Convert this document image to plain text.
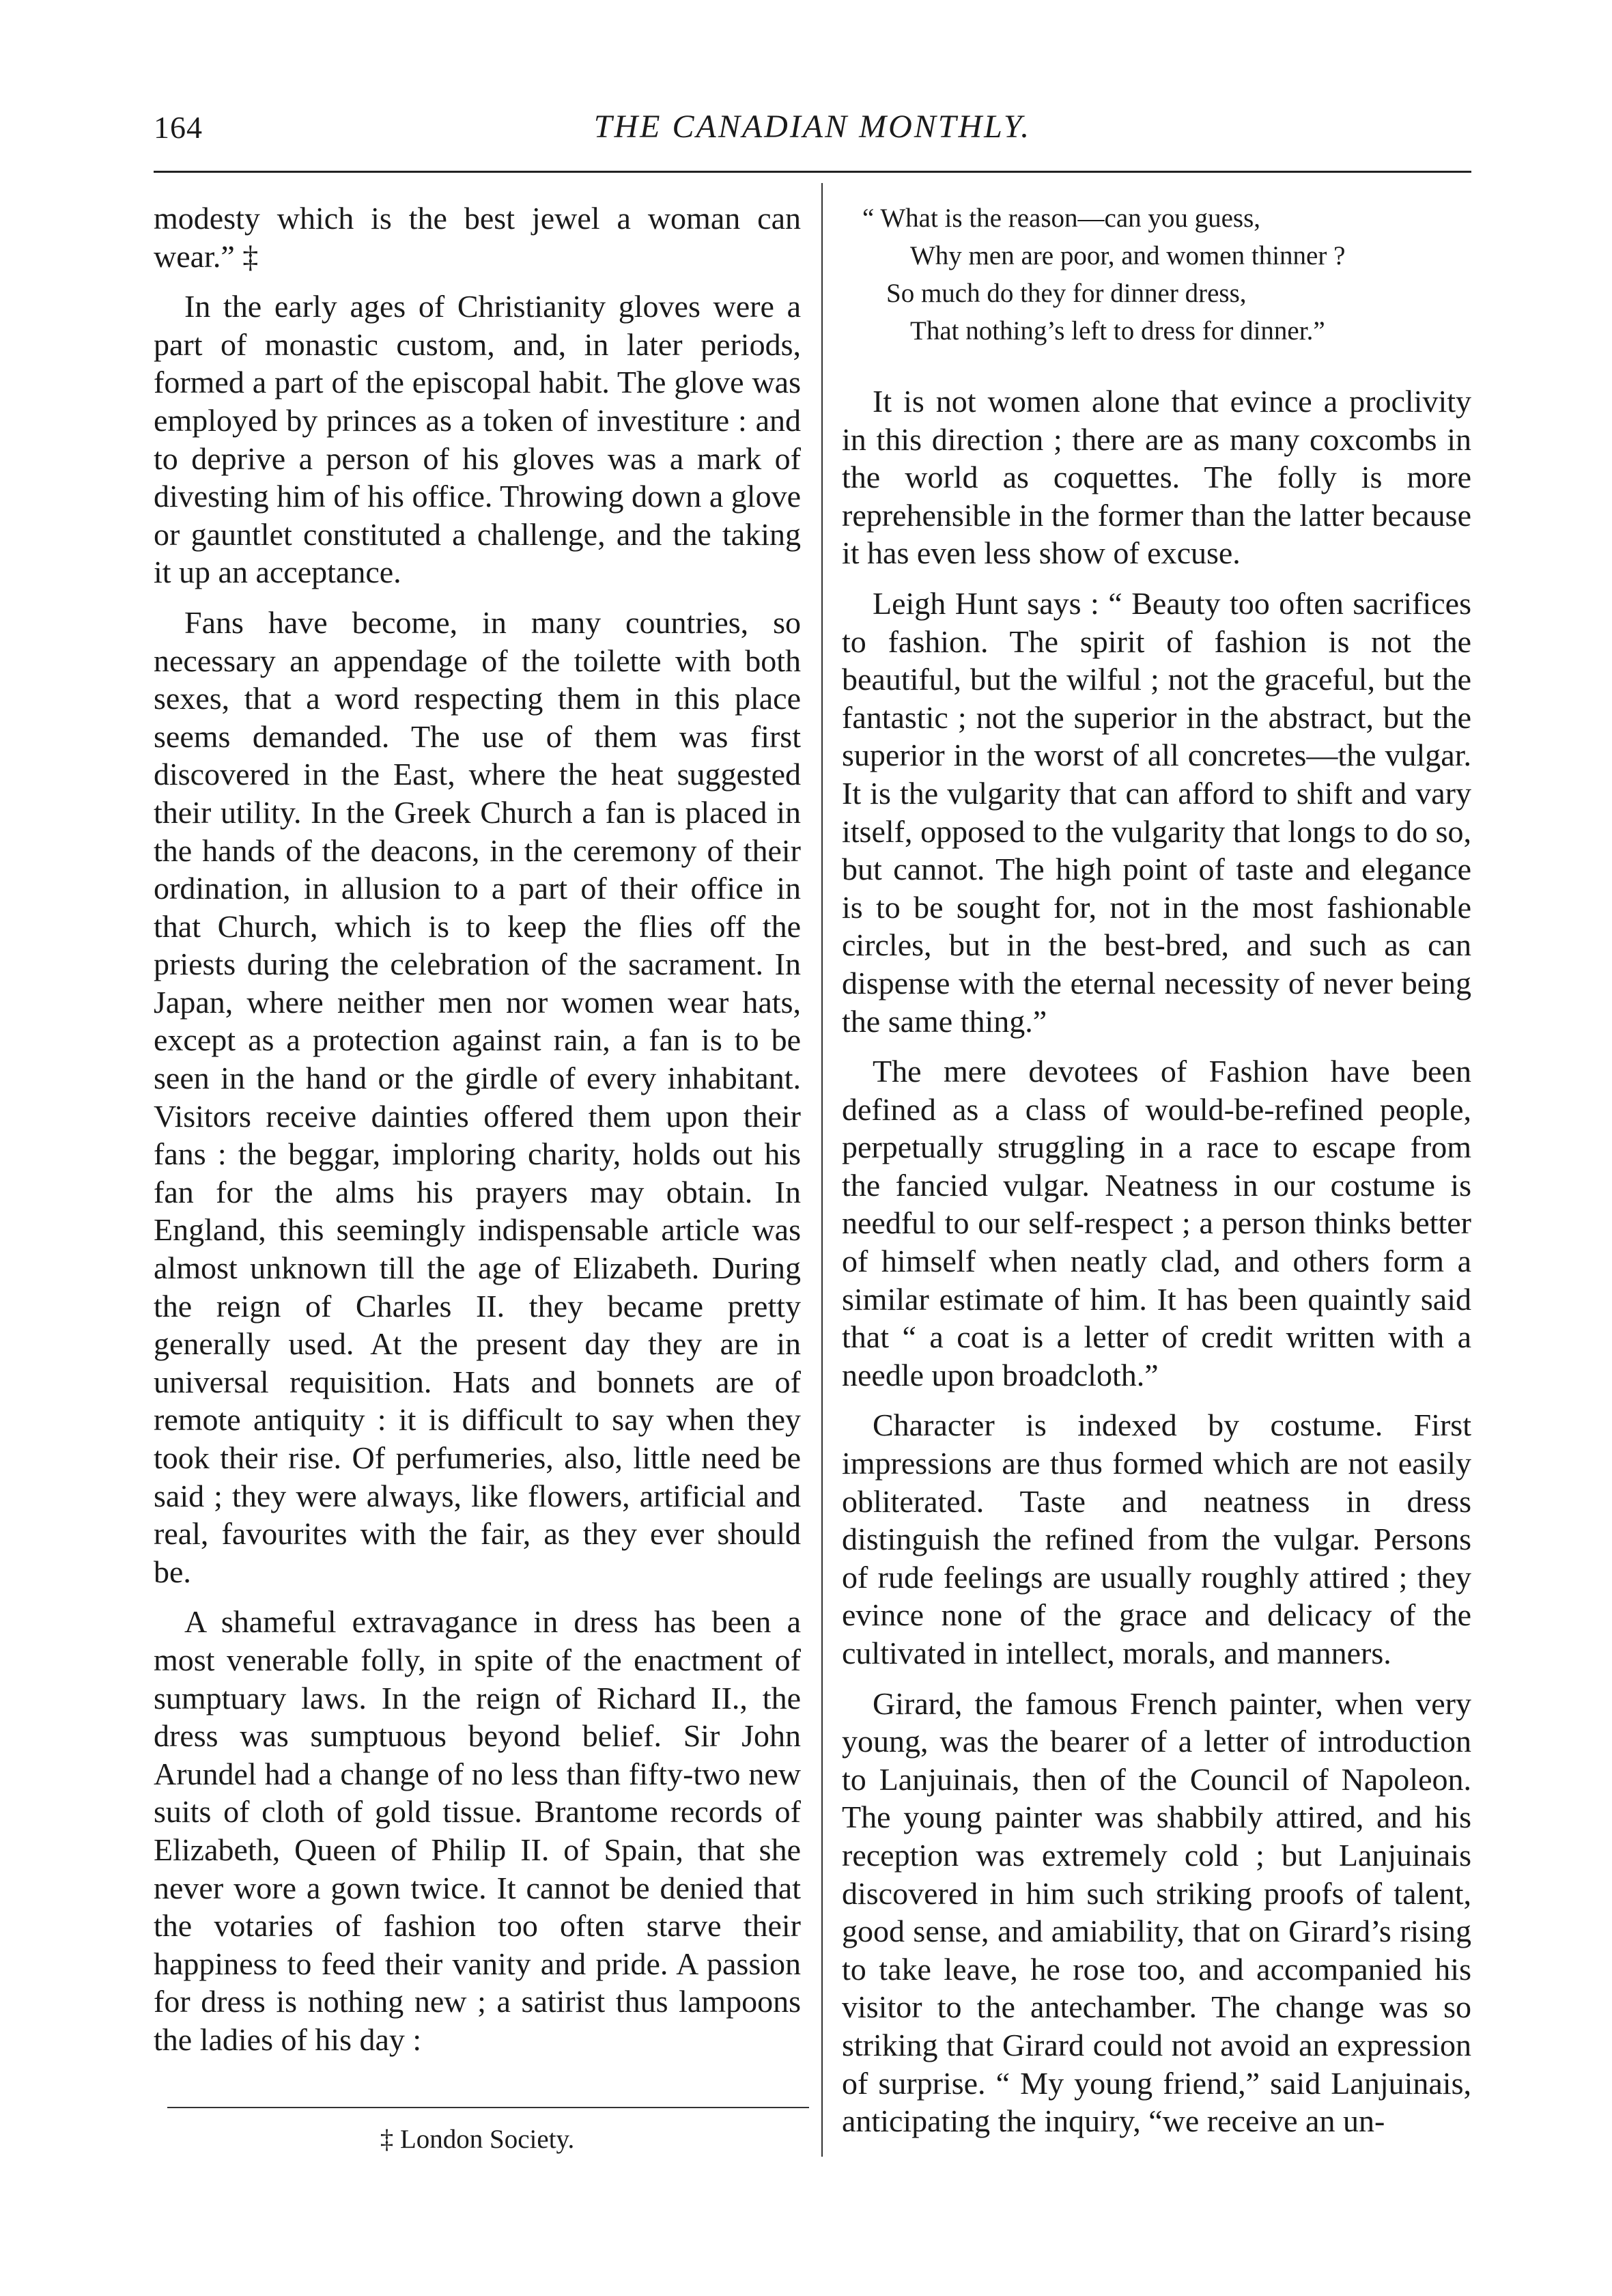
164	THE CANADIAN MONTHLY.

modesty which is the best jewel a woman can wear.” ‡

In the early ages of Christianity gloves were a part of monastic custom, and, in later periods, formed a part of the episcopal habit. The glove was employed by princes as a token of investiture : and to deprive a person of his gloves was a mark of divesting him of his office. Throwing down a glove or gauntlet constituted a challenge, and the taking it up an acceptance.

Fans have become, in many countries, so necessary an appendage of the toilette with both sexes, that a word respecting them in this place seems demanded. The use of them was first discovered in the East, where the heat suggested their utility. In the Greek Church a fan is placed in the hands of the deacons, in the ceremony of their ordination, in allusion to a part of their office in that Church, which is to keep the flies off the priests during the celebration of the sacrament. In Japan, where neither men nor women wear hats, except as a protection against rain, a fan is to be seen in the hand or the girdle of every inhabitant. Visitors receive dainties offered them upon their fans : the beggar, imploring charity, holds out his fan for the alms his prayers may obtain. In England, this seemingly indispensable article was almost unknown till the age of Elizabeth. During the reign of Charles II. they became pretty generally used. At the present day they are in universal requisition. Hats and bonnets are of remote antiquity : it is difficult to say when they took their rise. Of perfumeries, also, little need be said ; they were always, like flowers, artificial and real, favourites with the fair, as they ever should be.

A shameful extravagance in dress has been a most venerable folly, in spite of the enactment of sumptuary laws. In the reign of Richard II., the dress was sumptuous beyond belief. Sir John Arundel had a change of no less than fifty-two new suits of cloth of gold tissue. Brantome records of Elizabeth, Queen of Philip II. of Spain, that she never wore a gown twice. It cannot be denied that the votaries of fashion too often starve their happiness to feed their vanity and pride. A passion for dress is nothing new ; a satirist thus lampoons the ladies of his day :

“ What is the reason—can you guess,
Why men are poor, and women thinner ?
So much do they for dinner dress,
That nothing’s left to dress for dinner.”

It is not women alone that evince a proclivity in this direction ; there are as many coxcombs in the world as coquettes. The folly is more reprehensible in the former than the latter because it has even less show of excuse.

Leigh Hunt says : “ Beauty too often sacrifices to fashion. The spirit of fashion is not the beautiful, but the wilful ; not the graceful, but the fantastic ; not the superior in the abstract, but the superior in the worst of all concretes—the vulgar. It is the vulgarity that can afford to shift and vary itself, opposed to the vulgarity that longs to do so, but cannot. The high point of taste and elegance is to be sought for, not in the most fashionable circles, but in the best-bred, and such as can dispense with the eternal necessity of never being the same thing.”

The mere devotees of Fashion have been defined as a class of would-be-refined people, perpetually struggling in a race to escape from the fancied vulgar. Neatness in our costume is needful to our self-respect ; a person thinks better of himself when neatly clad, and others form a similar estimate of him. It has been quaintly said that “ a coat is a letter of credit written with a needle upon broadcloth.”

Character is indexed by costume. First impressions are thus formed which are not easily obliterated. Taste and neatness in dress distinguish the refined from the vulgar. Persons of rude feelings are usually roughly attired ; they evince none of the grace and delicacy of the cultivated in intellect, morals, and manners.

Girard, the famous French painter, when very young, was the bearer of a letter of introduction to Lanjuinais, then of the Council of Napoleon. The young painter was shabbily attired, and his reception was extremely cold ; but Lanjuinais discovered in him such striking proofs of talent, good sense, and amiability, that on Girard’s rising to take leave, he rose too, and accompanied his visitor to the antechamber. The change was so striking that Girard could not avoid an expression of surprise. “ My young friend,” said Lanjuinais, anticipating the inquiry, “we receive an un-

‡ London Society.
